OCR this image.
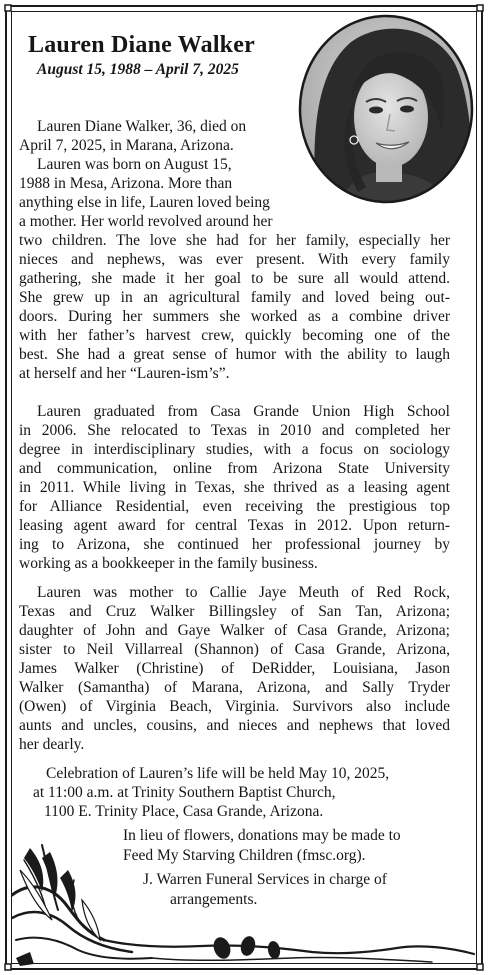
Lauren Diane Walker

August 15, 1988 – April 7, 2025

Lauren Diane Walker, 36, died on
April 7, 2025, in Marana, Arizona.
Lauren was born on August 15,
1988 in Mesa, Arizona. More than
anything else in life, Lauren loved being
a mother. Her world revolved around her
two children. The love she had for her family, especially her
nieces and nephews, was ever present. With every family
gathering, she made it her goal to be sure all would attend.
She grew up in an agricultural family and loved being out-
doors. During her summers she worked as a combine driver
with her father’s harvest crew, quickly becoming one of the
best. She had a great sense of humor with the ability to laugh
at herself and her “Lauren-ism’s”.
Lauren graduated from Casa Grande Union High School
in 2006. She relocated to Texas in 2010 and completed her
degree in interdisciplinary studies, with a focus on sociology
and communication, online from Arizona State University
in 2011. While living in Texas, she thrived as a leasing agent
for Alliance Residential, even receiving the prestigious top
leasing agent award for central Texas in 2012. Upon return-
ing to Arizona, she continued her professional journey by
working as a bookkeeper in the family business.
Lauren was mother to Callie Jaye Meuth of Red Rock,
Texas and Cruz Walker Billingsley of San Tan, Arizona;
daughter of John and Gaye Walker of Casa Grande, Arizona;
sister to Neil Villarreal (Shannon) of Casa Grande, Arizona,
James Walker (Christine) of DeRidder, Louisiana, Jason
Walker (Samantha) of Marana, Arizona, and Sally Tryder
(Owen) of Virginia Beach, Virginia. Survivors also include
aunts and uncles, cousins, and nieces and nephews that loved
her dearly.
Celebration of Lauren’s life will be held May 10, 2025,
at 11:00 a.m. at Trinity Southern Baptist Church,
1100 E. Trinity Place, Casa Grande, Arizona.
In lieu of flowers, donations may be made to
Feed My Starving Children (fmsc.org).
J. Warren Funeral Services in charge of
arrangements.
